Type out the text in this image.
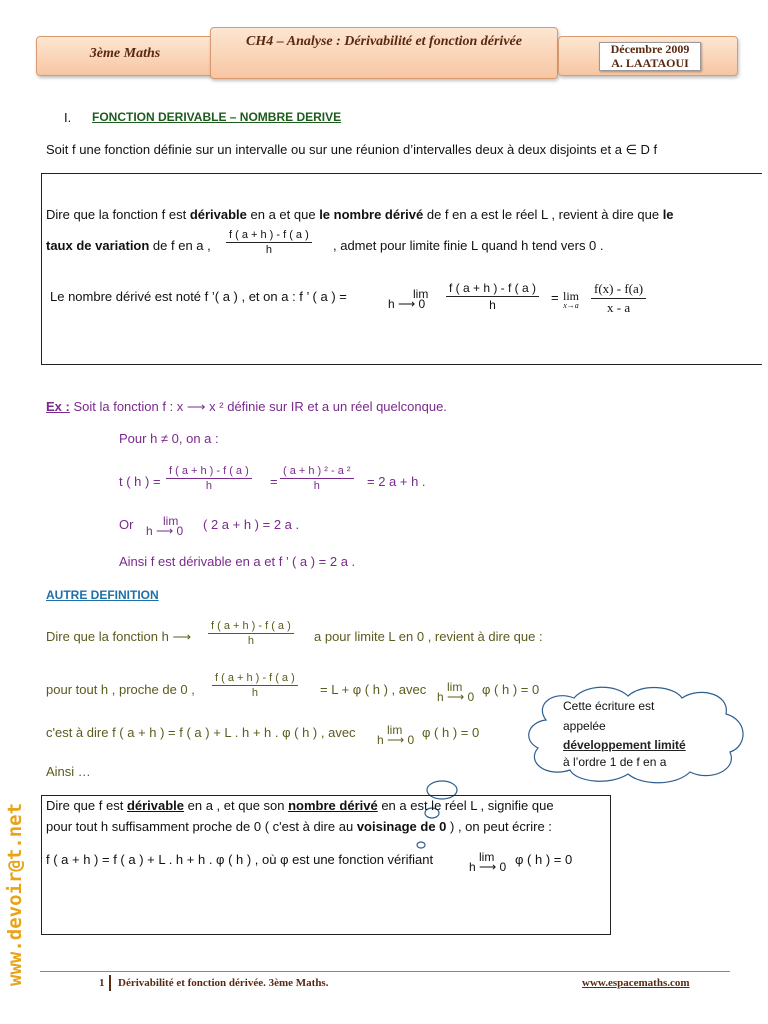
3ème Maths
CH4 – Analyse : Dérivabilité et fonction dérivée	Décembre 2009
A. LAATAOUI
I. FONCTION DERIVABLE – NOMBRE DERIVE
Soit f une fonction définie sur un intervalle ou sur une réunion d’intervalles deux à deux disjoints et a ∈ D f
Dire que la fonction f est dérivable en a et que le nombre dérivé de f en a est le réel L , revient à dire que le
taux de variation de f en a , $\frac{f ( a + h ) - f ( a )}{h}$ , admet pour limite finie L quand h tend vers 0 .
Le nombre dérivé est noté f ’( a ) , et on a : f ’ ( a ) =	lim
h ⟶ $0 \frac{f ( a + h ) - f ( a )}{h} = \lim$
$x\to a \frac{f(x) - f(a)}{x - a}$
Ex : Soit la fonction f : x ⟶ x ² définie sur IR et a un réel quelconque.
Pour h ≠ 0, on a :
t ( h ) = $\frac{f ( a + h ) - f ( a )}{h} = \frac{\text{( a + h ) ² - a ²}}{h} = 2$ a + h .
Or	lim
h ⟶ 0 ( 2 a + h ) = 2 a .
Ainsi f est dérivable en a et f ’ ( a ) = 2 a .
AUTRE DEFINITION
Dire que la fonction h ⟶ $\frac{f ( a + h ) - f ( a )}{h}$ a pour limite L en 0 , revient à dire que :
pour tout h , proche de 0 , $\frac{f ( a + h ) - f ( a )}{h} = L + \varphi$ ( h ) , avec	lim
h ⟶ 0 φ ( h ) = 0
c'est à dire f ( a + h ) = f ( a ) + L . h + h . φ ( h ) , avec	lim
h ⟶ 0 φ ( h ) = 0
Ainsi …
Cette écriture est
appelée
développement limité
à l’ordre 1 de f en a
Dire que f est dérivable en a , et que son nombre dérivé en a est le réel L , signifie que
pour tout h suffisamment proche de 0 ( c'est à dire au voisinage de 0 ) , on peut écrire :
f ( a + h ) = f ( a ) + L . h + h . φ ( h ) , où φ est une fonction vérifiant	lim
h ⟶ 0 φ ( h ) = 0
1 Dérivabilité et fonction dérivée. 3ème Maths.	www.espacemaths.com
www.devoir@t.net
